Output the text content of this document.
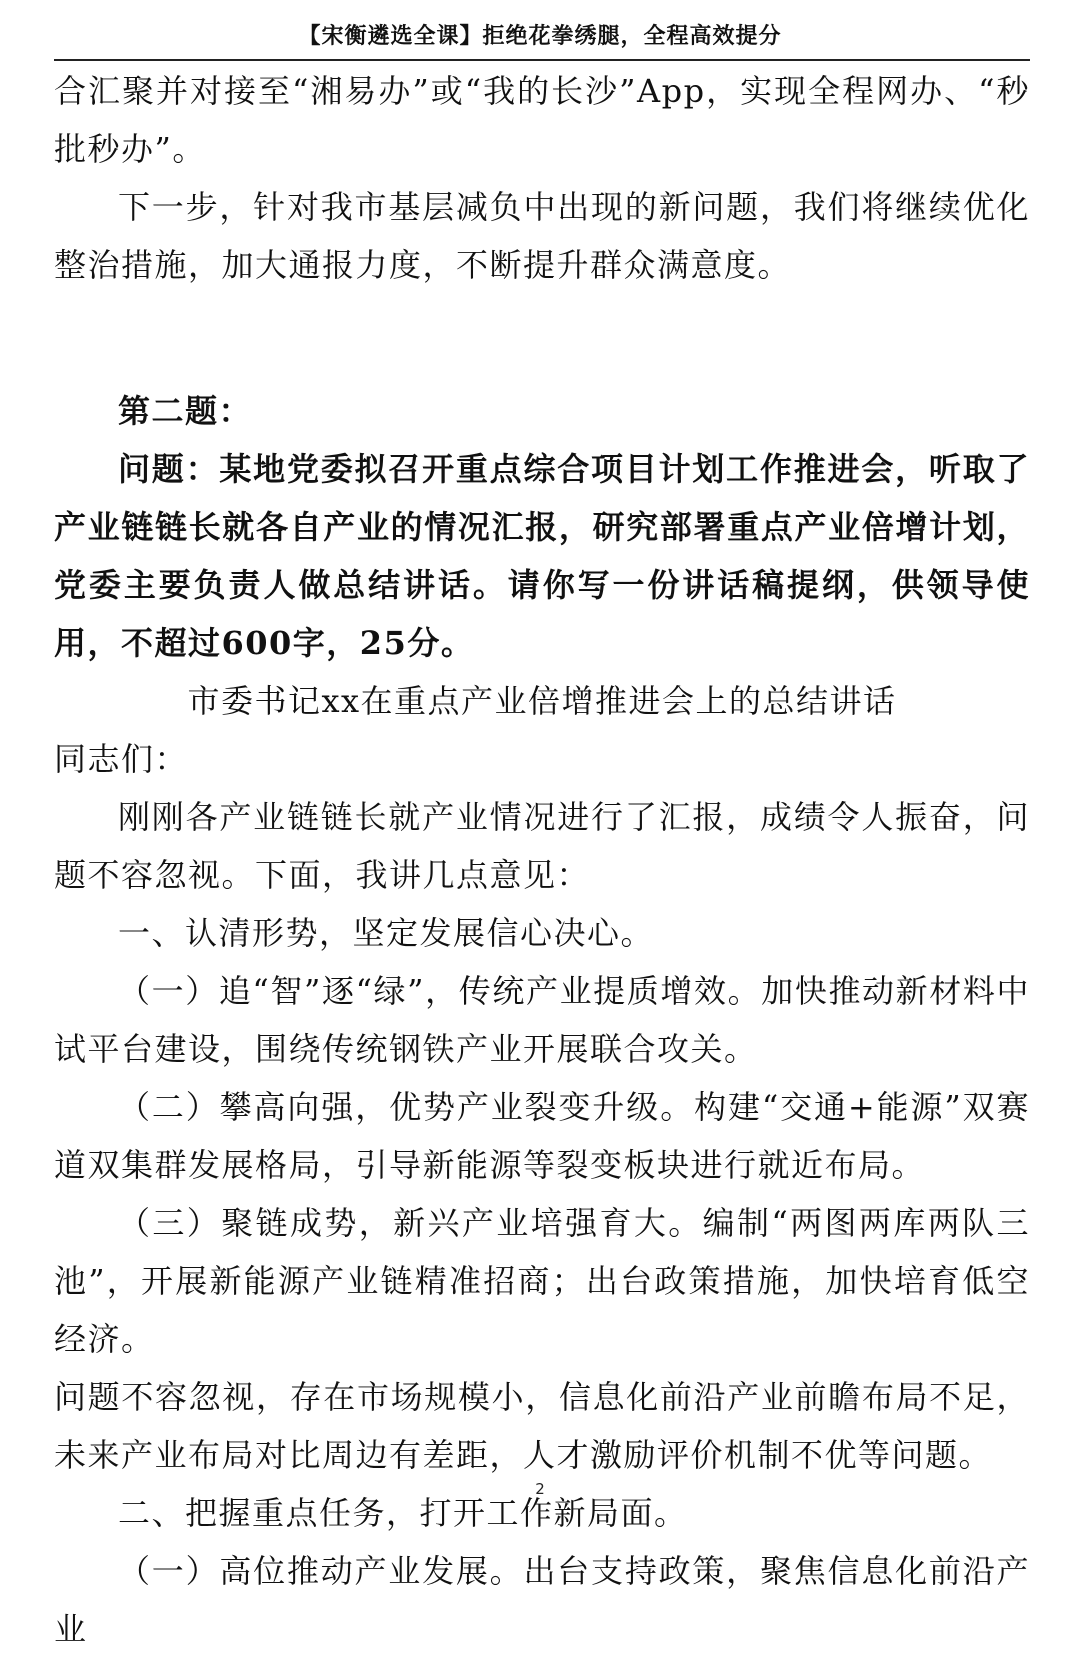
【宋衡遴选全课】拒绝花拳绣腿，全程高效提分

合汇聚并对接至“湘易办”或“我的长沙”App，实现全程网办、“秒批秒办”。

下一步，针对我市基层减负中出现的新问题，我们将继续优化整治措施，加大通报力度，不断提升群众满意度。

第二题：

问题：某地党委拟召开重点综合项目计划工作推进会，听取了产业链链长就各自产业的情况汇报，研究部署重点产业倍增计划，党委主要负责人做总结讲话。请你写一份讲话稿提纲，供领导使用，不超过600字，25分。

市委书记xx在重点产业倍增推进会上的总结讲话

同志们：

刚刚各产业链链长就产业情况进行了汇报，成绩令人振奋，问题不容忽视。下面，我讲几点意见：

一、认清形势，坚定发展信心决心。

（一）追“智”逐“绿”，传统产业提质增效。加快推动新材料中试平台建设，围绕传统钢铁产业开展联合攻关。

（二）攀高向强，优势产业裂变升级。构建“交通+能源”双赛道双集群发展格局，引导新能源等裂变板块进行就近布局。

（三）聚链成势，新兴产业培强育大。编制“两图两库两队三池”，开展新能源产业链精准招商；出台政策措施，加快培育低空经济。

问题不容忽视，存在市场规模小，信息化前沿产业前瞻布局不足，未来产业布局对比周边有差距，人才激励评价机制不优等问题。

二、把握重点任务，打开工作新局面。

（一）高位推动产业发展。出台支持政策，聚焦信息化前沿产业

2
